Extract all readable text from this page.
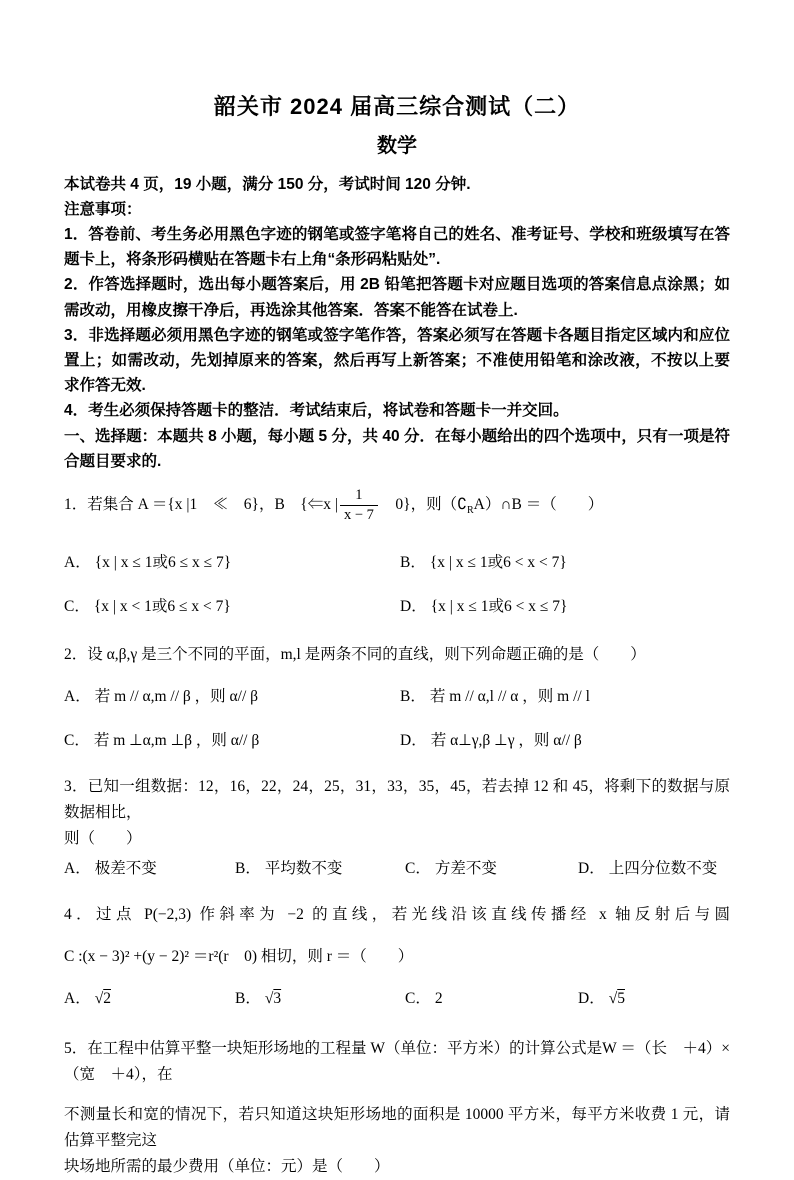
韶关市 2024 届高三综合测试（二）
数学
本试卷共 4 页，19 小题，满分 150 分，考试时间 120 分钟.
注意事项：
1．答卷前、考生务必用黑色字迹的钢笔或签字笔将自己的姓名、准考证号、学校和班级填写在答题卡上，将条形码横贴在答题卡右上角“条形码粘贴处”.
2．作答选择题时，选出每小题答案后，用 2B 铅笔把答题卡对应题目选项的答案信息点涂黑；如需改动，用橡皮擦干净后，再选涂其他答案．答案不能答在试卷上.
3．非选择题必须用黑色字迹的钢笔或签字笔作答，答案必须写在答题卡各题目指定区域内和应位置上；如需改动，先划掉原来的答案，然后再写上新答案；不准使用铅笔和涂改液，不按以上要求作答无效.
4．考生必须保持答题卡的整洁．考试结束后，将试卷和答题卡一并交回。
一、选择题：本题共 8 小题，每小题 5 分，共 40 分．在每小题给出的四个选项中，只有一项是符合题目要求的.
1．若集合 A ＝{x |1　≪　6}，B　{⇐x | $\frac{1}{x - 7}$ 　0}，则$(∁_RA)\cap B$ ＝（　　）
A． {x | x ≤ 1或6 ≤ x ≤ 7}	B． {x | x ≤ 1或6 < x < 7}
C． {x | x < 1或6 ≤ x < 7}	D． {x | x ≤ 1或6 < x ≤ 7}
2．设 α,β,γ 是三个不同的平面，m,l 是两条不同的直线，则下列命题正确的是（　　）
A． 若 m // α,m // β ，则 α// β	B． 若 m // α,l // α ，则 m // l
C． 若 m ⊥α,m ⊥β ，则 α// β	D． 若 α⊥γ,β ⊥γ ，则 α// β
3．已知一组数据：12，16，22，24，25，31，33，35，45，若去掉 12 和 45，将剩下的数据与原数据相比，
则（　　）
A． 极差不变	B． 平均数不变	C． 方差不变	D． 上四分位数不变
4．过点 P(−2,3) 作斜率为 −2 的直线，若光线沿该直线传播经 x 轴反射后与圆
C :(x − 3)² +(y − 2)² ＝r²(r　0) 相切，则 r ＝（　　）
A． √2	B． √3	C． 2	D． √5
5．在工程中估算平整一块矩形场地的工程量 W（单位：平方米）的计算公式是W ＝（长　＋4）×（宽　＋4），在
不测量长和宽的情况下，若只知道这块矩形场地的面积是 10000 平方米，每平方米收费 1 元，请估算平整完这
块场地所需的最少费用（单位：元）是（　　）
